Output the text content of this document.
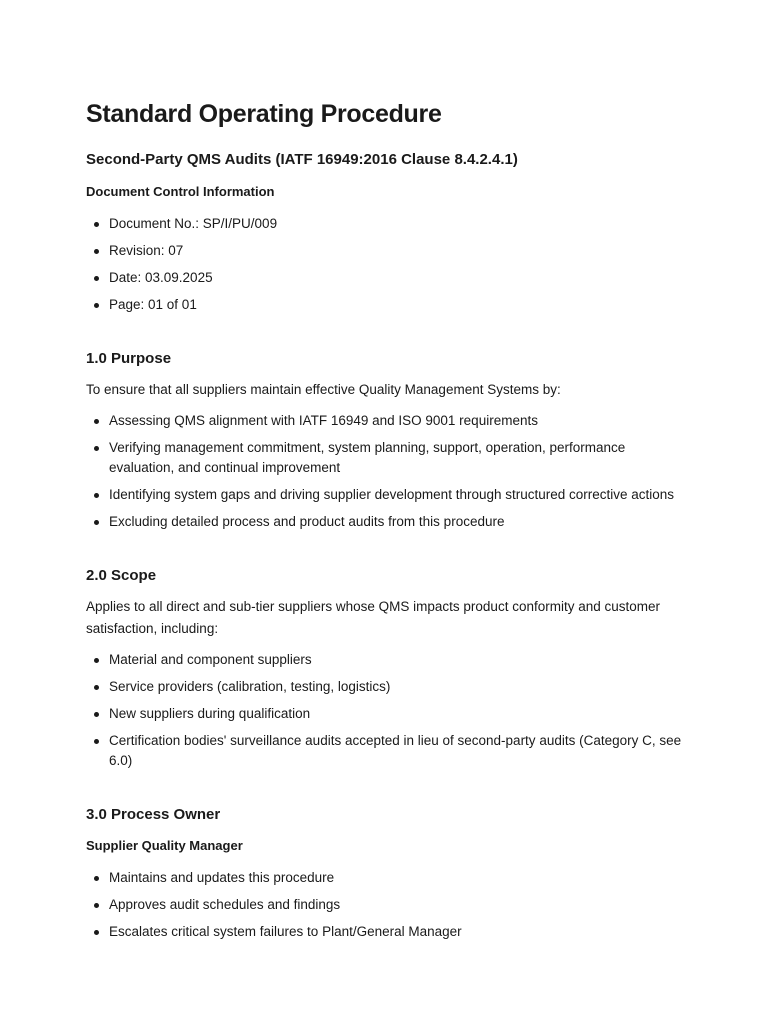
Standard Operating Procedure
Second-Party QMS Audits (IATF 16949:2016 Clause 8.4.2.4.1)
Document Control Information
Document No.: SP/I/PU/009
Revision: 07
Date: 03.09.2025
Page: 01 of 01
1.0 Purpose

To ensure that all suppliers maintain effective Quality Management Systems by:

Assessing QMS alignment with IATF 16949 and ISO 9001 requirements
Verifying management commitment, system planning, support, operation, performance evaluation, and continual improvement
Identifying system gaps and driving supplier development through structured corrective actions
Excluding detailed process and product audits from this procedure
2.0 Scope

Applies to all direct and sub-tier suppliers whose QMS impacts product conformity and customer satisfaction, including:

Material and component suppliers
Service providers (calibration, testing, logistics)
New suppliers during qualification
Certification bodies' surveillance audits accepted in lieu of second-party audits (Category C, see 6.0)
3.0 Process Owner
Supplier Quality Manager
Maintains and updates this procedure
Approves audit schedules and findings
Escalates critical system failures to Plant/General Manager
